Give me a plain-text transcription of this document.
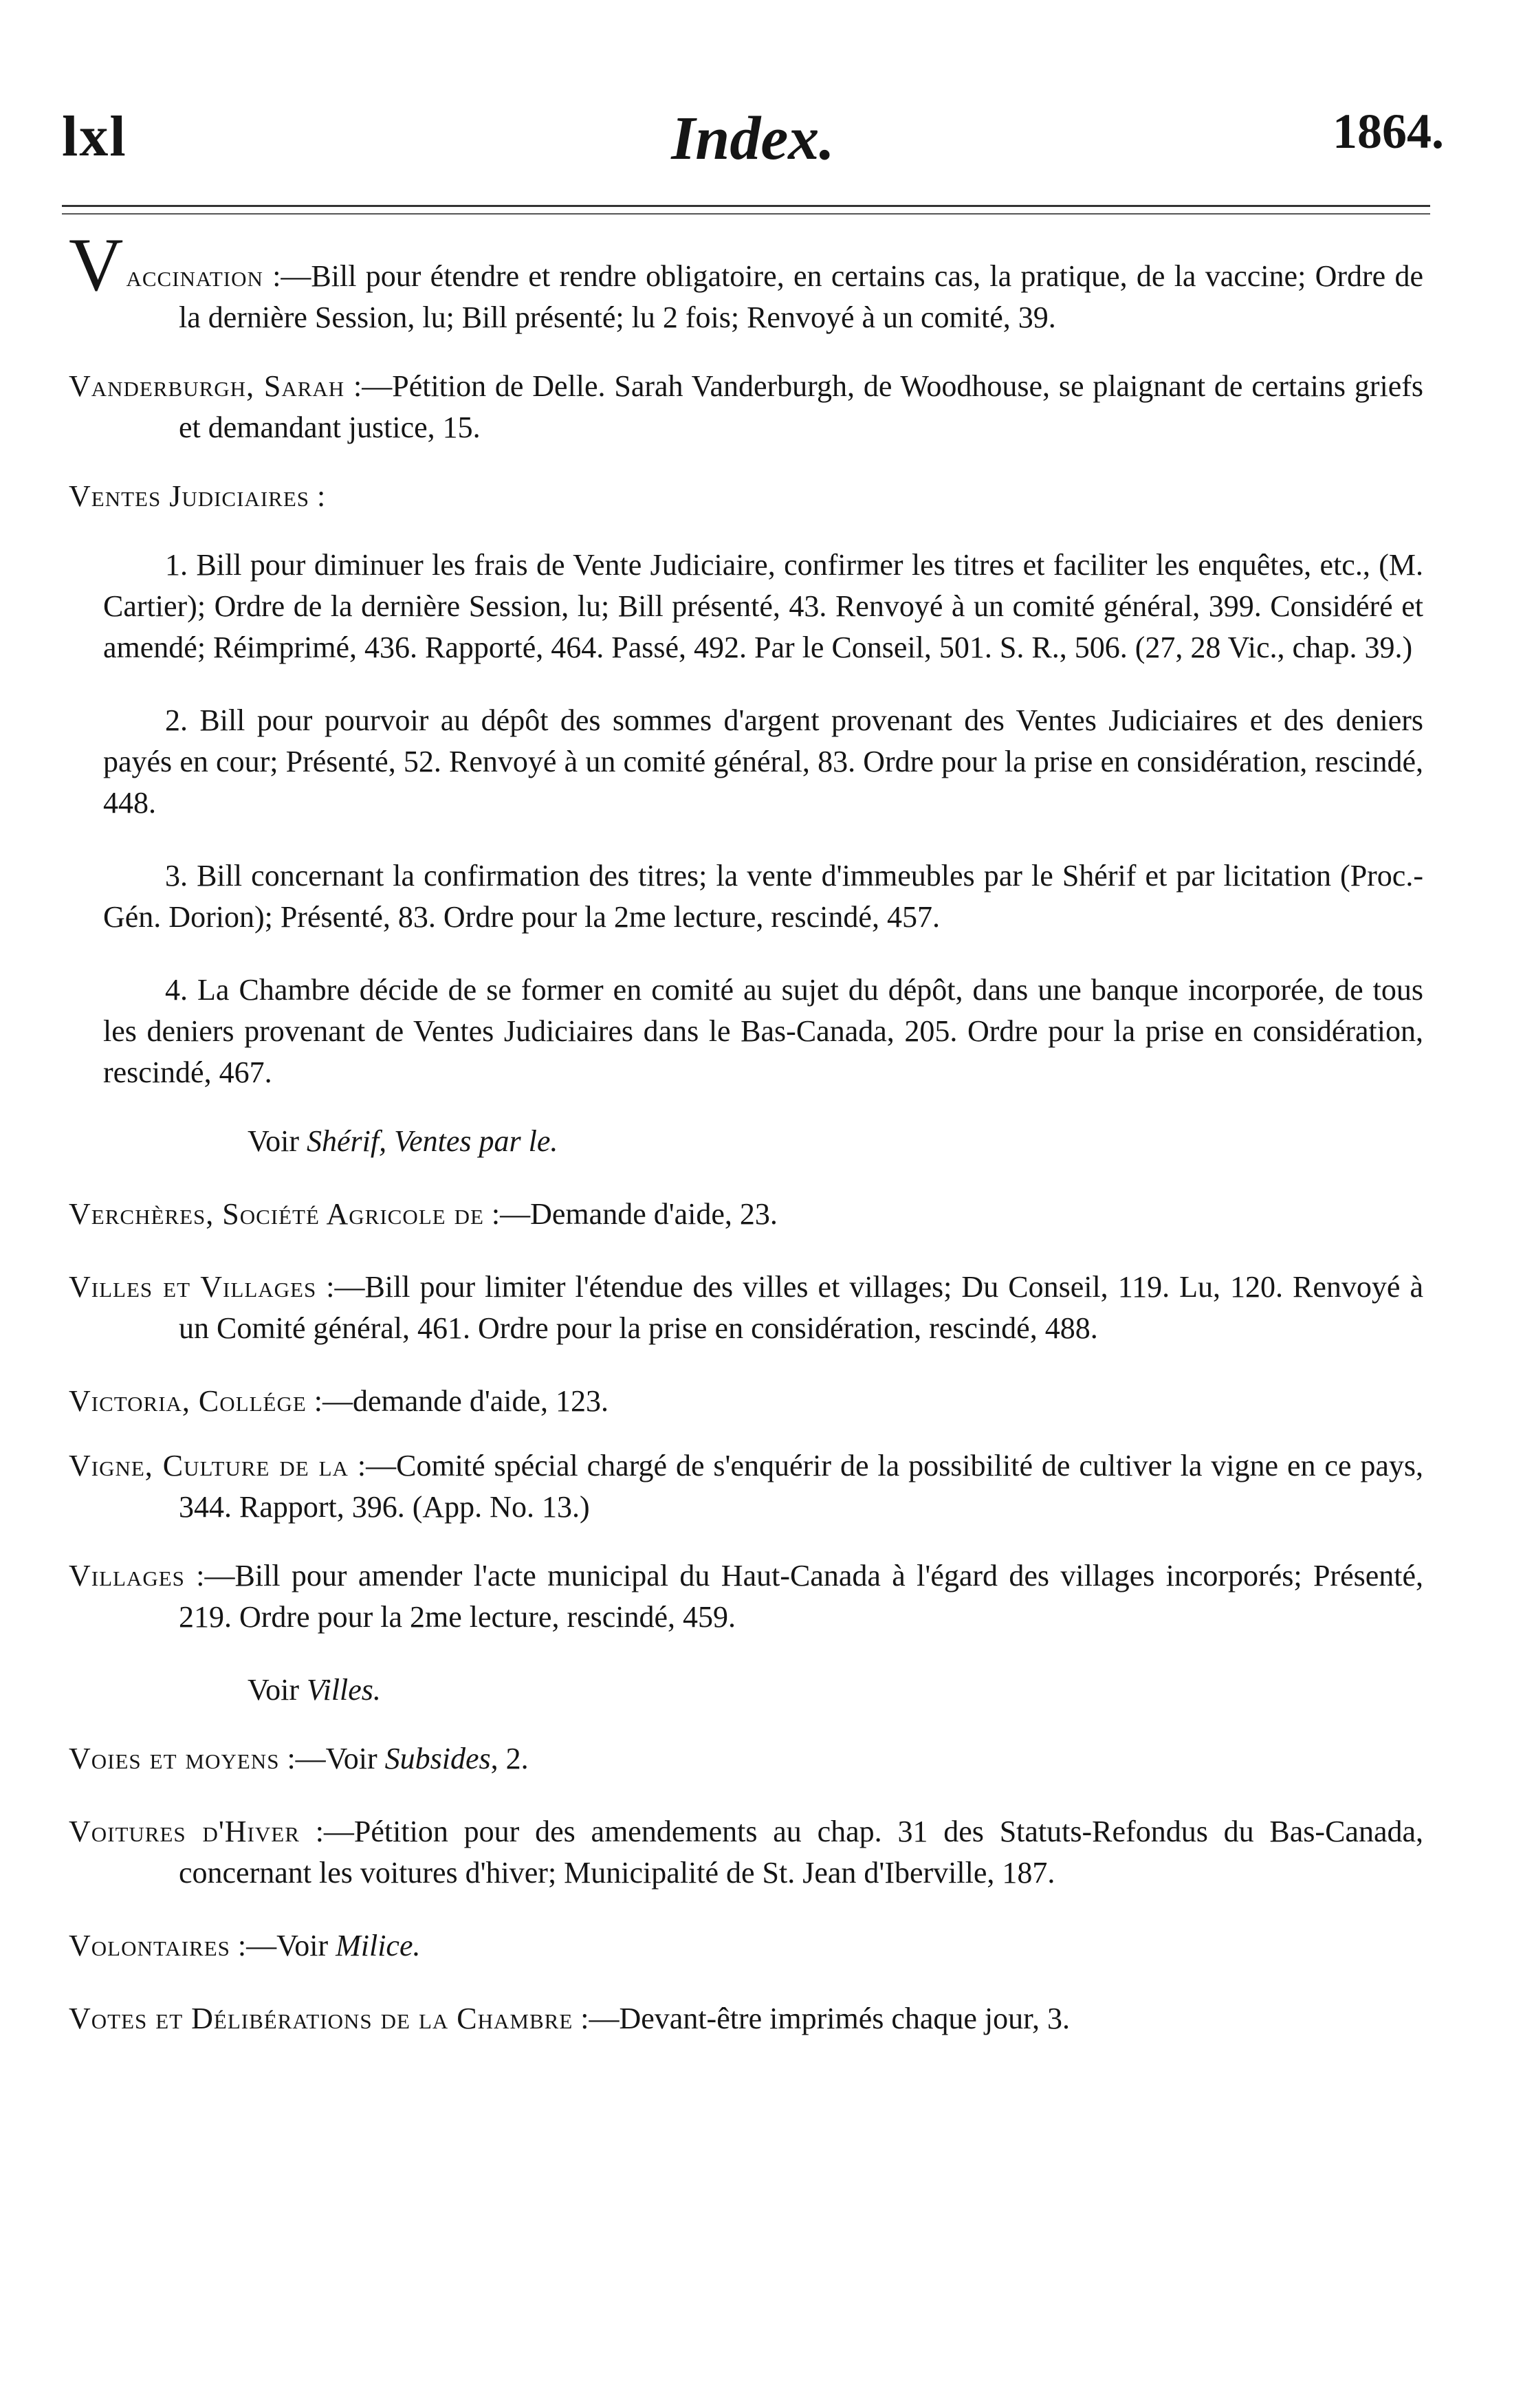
lxl	Index.	1864.
Vaccination :—Bill pour étendre et rendre obligatoire, en certains cas, la pratique, de la vaccine; Ordre de la dernière Session, lu; Bill présenté; lu 2 fois; Renvoyé à un comité, 39.
Vanderburgh, Sarah :—Pétition de Delle. Sarah Vanderburgh, de Woodhouse, se plaignant de certains griefs et demandant justice, 15.
Ventes Judiciaires :

1. Bill pour diminuer les frais de Vente Judiciaire, confirmer les titres et faciliter les enquêtes, etc., (M. Cartier); Ordre de la dernière Session, lu; Bill présenté, 43. Renvoyé à un comité général, 399. Considéré et amendé; Réimprimé, 436. Rapporté, 464. Passé, 492. Par le Conseil, 501. S. R., 506. (27, 28 Vic., chap. 39.)

2. Bill pour pourvoir au dépôt des sommes d'argent provenant des Ventes Judiciaires et des deniers payés en cour; Présenté, 52. Renvoyé à un comité général, 83. Ordre pour la prise en considération, rescindé, 448.

3. Bill concernant la confirmation des titres; la vente d'immeubles par le Shérif et par licitation (Proc.-Gén. Dorion); Présenté, 83. Ordre pour la 2me lecture, rescindé, 457.

4. La Chambre décide de se former en comité au sujet du dépôt, dans une banque incorporée, de tous les deniers provenant de Ventes Judiciaires dans le Bas-Canada, 205. Ordre pour la prise en considération, rescindé, 467.

Voir Shérif, Ventes par le.

Verchères, Société Agricole de :—Demande d'aide, 23.
Villes et Villages :—Bill pour limiter l'étendue des villes et villages; Du Conseil, 119. Lu, 120. Renvoyé à un Comité général, 461. Ordre pour la prise en considération, rescindé, 488.
Victoria, Collége :—demande d'aide, 123.
Vigne, Culture de la :—Comité spécial chargé de s'enquérir de la possibilité de cultiver la vigne en ce pays, 344. Rapport, 396. (App. No. 13.)
Villages :—Bill pour amender l'acte municipal du Haut-Canada à l'égard des villages incorporés; Présenté, 219. Ordre pour la 2me lecture, rescindé, 459.

Voir Villes.

Voies et moyens :—Voir Subsides, 2.
Voitures d'Hiver :—Pétition pour des amendements au chap. 31 des Statuts-Refondus du Bas-Canada, concernant les voitures d'hiver; Municipalité de St. Jean d'Iberville, 187.
Volontaires :—Voir Milice.
Votes et Délibérations de la Chambre :—Devant-être imprimés chaque jour, 3.
